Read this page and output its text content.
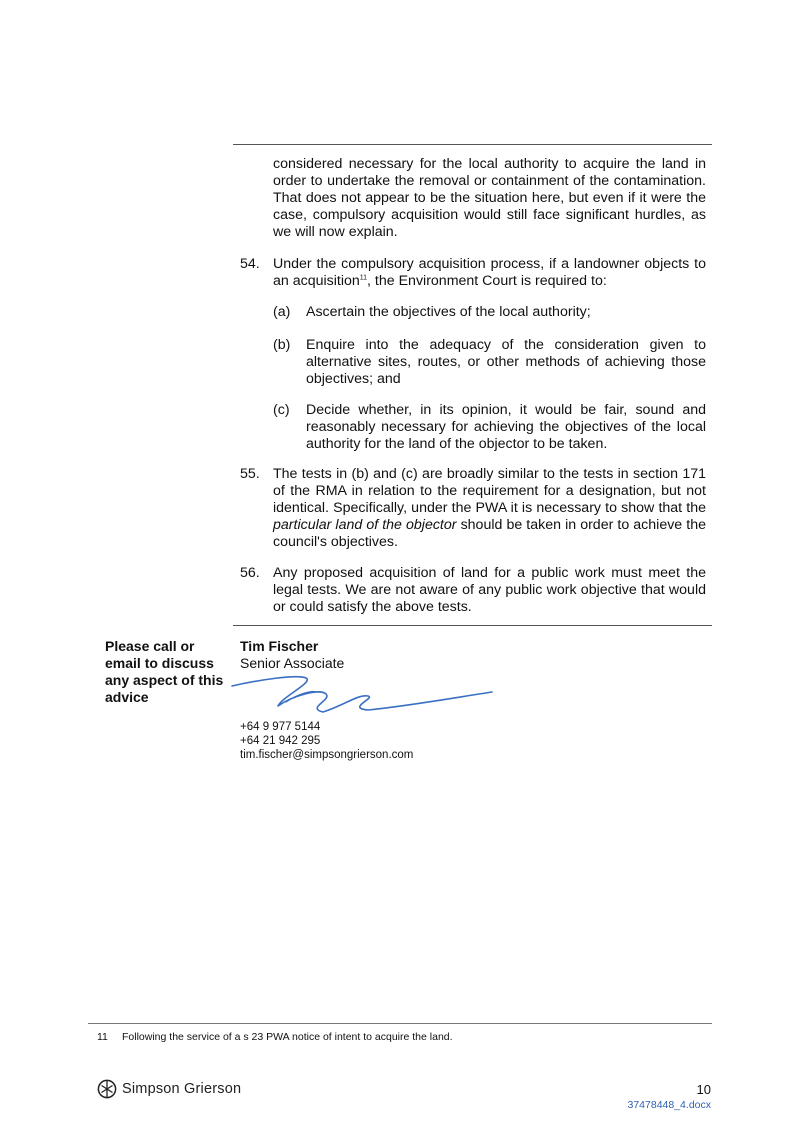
considered necessary for the local authority to acquire the land in order to undertake the removal or containment of the contamination. That does not appear to be the situation here, but even if it were the case, compulsory acquisition would still face significant hurdles, as we will now explain.
54. Under the compulsory acquisition process, if a landowner objects to an acquisition$^{11}$, the Environment Court is required to:
(a) Ascertain the objectives of the local authority;
(b) Enquire into the adequacy of the consideration given to alternative sites, routes, or other methods of achieving those objectives; and
(c) Decide whether, in its opinion, it would be fair, sound and reasonably necessary for achieving the objectives of the local authority for the land of the objector to be taken.
55. The tests in (b) and (c) are broadly similar to the tests in section 171 of the RMA in relation to the requirement for a designation, but not identical. Specifically, under the PWA it is necessary to show that the particular land of the objector should be taken in order to achieve the council's objectives.
56. Any proposed acquisition of land for a public work must meet the legal tests. We are not aware of any public work objective that would or could satisfy the above tests.
Please call or email to discuss any aspect of this advice
Tim Fischer
Senior Associate
+64 9 977 5144
+64 21 942 295
tim.fischer@simpsongrierson.com
11 Following the service of a s 23 PWA notice of intent to acquire the land.
Simpson Grierson	10
37478448_4.docx
